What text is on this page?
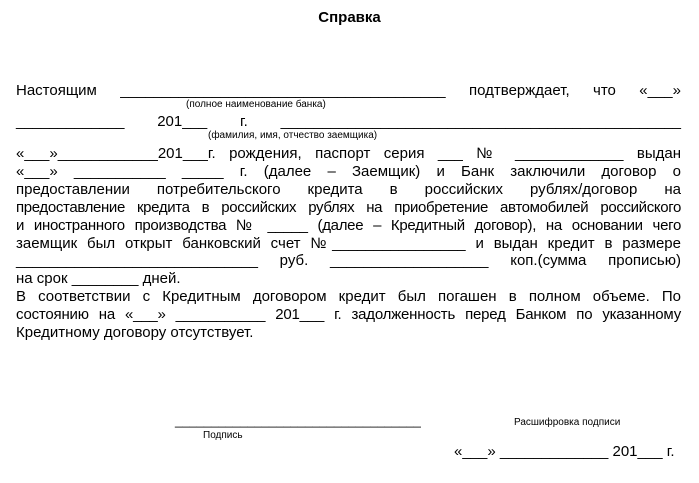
Справка
Настоящим _______________________________________ подтверждает, что «___»
(полное наименование банка)
_____________ 201___ г. ________________________________________________
(фамилия, имя, отчество заемщика)
«___»____________201___г. рождения, паспорт серия ___ № _____________ выдан
«___» ___________ _____ г. (далее – Заемщик) и Банк заключили договор о
предоставлении потребительского кредита в российских рублях/договор на
предоставление кредита в российских рублях на приобретение автомобилей российского
и иностранного производства № _____ (далее – Кредитный договор), на основании чего
заемщик был открыт банковский счет №________________ и выдан кредит в размере
_____________________________ руб. ___________________ коп.(сумма прописью)
на срок ________ дней.
В соответствии с Кредитным договором кредит был погашен в полном объеме. По
состоянию на «___» ___________ 201___ г. задолженность перед Банком по указанному
Кредитному договору отсутствует.
Расшифровка подписи
__________________________________
Подпись
«___» _____________ 201___ г.
